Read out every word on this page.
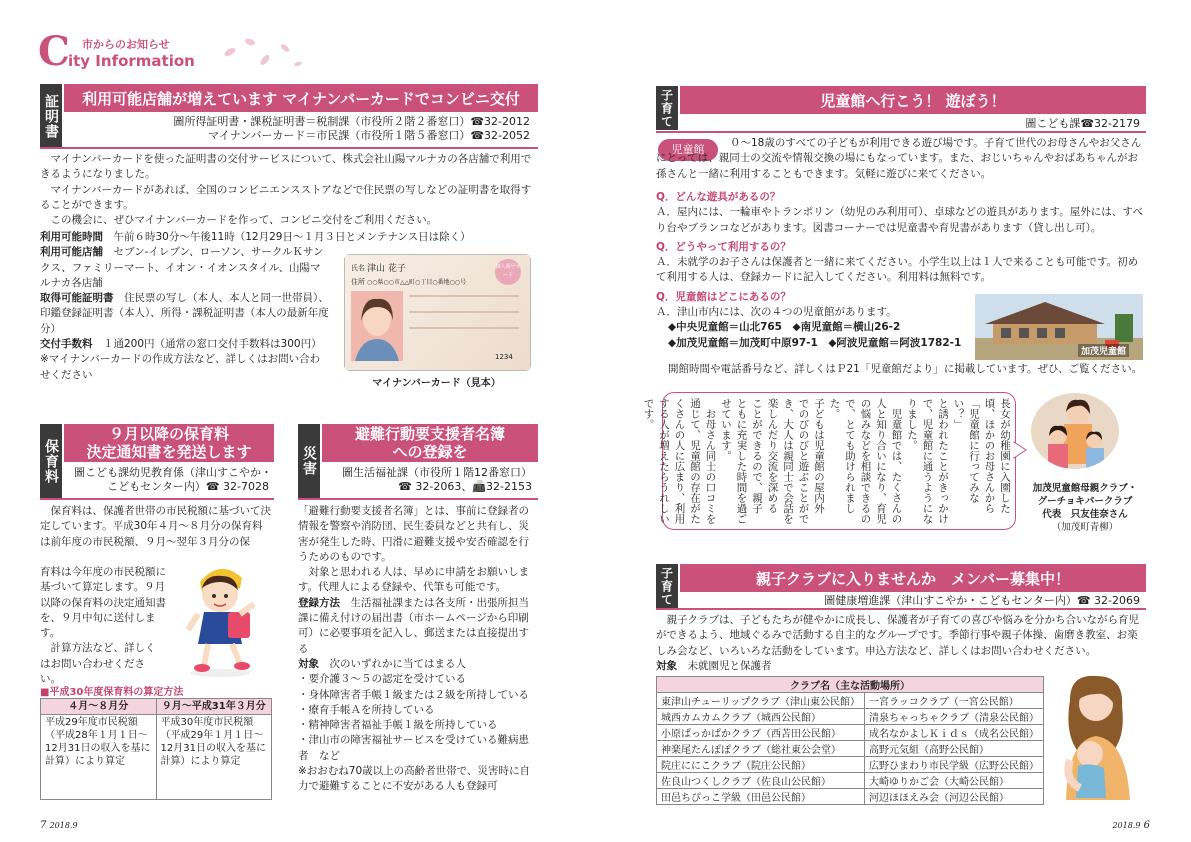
C
ity Information
市からのお知らせ
証明書	利用可能店舗が増えています マイナンバーカードでコンビニ交付
圖所得証明書・課税証明書＝税制課（市役所２階２番窓口）☎32-2012
マイナンバーカード＝市民課（市役所１階５番窓口）☎32-2052

　マイナンバーカードを使った証明書の交付サービスについて、株式会社山陽マルナカの各店舗で利用できるようになりました。

　マイナンバーカードがあれば、全国のコンビニエンスストアなどで住民票の写しなどの証明書を取得することができます。

　この機会に、ぜひマイナンバーカードを作って、コンビニ交付をご利用ください。

利用可能時間　 午前６時30分～午後11時（12月29日～１月３日とメンテナンス日は除く）

利用可能店舗　 セブン-イレブン、ローソン、サークルＫサンクス、ファミリーマート、イオン・イオンスタイル、山陽マルナカ各店舗

取得可能証明書　 住民票の写し（本人、本人と同一世帯員）、印鑑登録証明書（本人）、所得・課税証明書（本人の最新年度分）

交付手数料　 １通200円（通常の窓口交付手数料は300円）

※マイナンバーカードの作成方法など、詳しくはお問い合わせください

氏名 津山 花子
住所 ○○県○○市△△町○丁目○番地○○号
個人番号カード
1234
マイナンバーカード（見本）
保育料
９月以降の保育料
決定通知書を発送します
圖こども課幼児教育係（津山すこやか・
こどもセンター内）☎ 32-7028

　保育料は、保護者世帯の市民税額に基づいて決定しています。平成30年４月～８月分の保育料は前年度の市民税額、９月～翌年３月分の保

育料は今年度の市民税額に基づいて算定します。９月以降の保育料の決定通知書を、９月中旬に送付します。

　計算方法など、詳しくはお問い合わせください。

■平成30年度保育料の算定方法
４月～８月分	９月～平成31年３月分
平成29年度市民税額（平成28年１月１日～12月31日の収入を基に計算）により算定	平成30年度市民税額（平成29年１月１日～12月31日の収入を基に計算）により算定
災害
避難行動要支援者名簿
への登録を
圖生活福祉課（市役所１階12番窓口）
☎ 32-2063、📠32-2153

「避難行動要支援者名簿」とは、事前に登録者の情報を警察や消防団、民生委員などと共有し、災害が発生した時、円滑に避難支援や安否確認を行うためのものです。

　対象と思われる人は、早めに申請をお願いします。代理人による登録や、代筆も可能です。

登録方法　 生活福祉課または各支所・出張所担当課に備え付けの届出書（市ホームページから印刷可）に必要事項を記入し、郵送または直接提出する

対象　 次のいずれかに当てはまる人

・要介護３～５の認定を受けている

・身体障害者手帳１級または２級を所持している

・療育手帳Ａを所持している

・精神障害者福祉手帳１級を所持している

・津山市の障害福祉サービスを受けている難病患者　など

※おおむね70歳以上の高齢者世帯で、災害時に自力で避難することに不安がある人も登録可

子育て	児童館へ行こう！ 遊ぼう！
圖こども課☎32-2179
児童館	０～18歳のすべての子どもが利用できる遊び場です。子育て世代のお母さんやお父さんにとっては、親同士の交流や情報交換の場にもなっています。また、おじいちゃんやおばあちゃんがお孫さんと一緒に利用することもできます。気軽に遊びに来てください。

Q．どんな遊具があるの？

Ａ．屋内には、一輪車やトランポリン（幼児のみ利用可）、卓球などの遊具があります。屋外には、すべり台やブランコなどがあります。図書コーナーでは児童書や育児書があります（貸し出し可）。

Q．どうやって利用するの？

Ａ．未就学のお子さんは保護者と一緒に来てください。小学生以上は１人で来ることも可能です。初めて利用する人は、登録カードに記入してください。利用料は無料です。

Q．児童館はどこにあるの？

Ａ．津山市内には、次の４つの児童館があります。

◆中央児童館＝山北765　◆南児童館＝横山26-2

◆加茂児童館＝加茂町中原97-1　◆阿波児童館＝阿波1782-1

加茂児童館
開館時間や電話番号など、詳しくはＰ21「児童館だより」に掲載しています。ぜひ、ご覧ください。
長女が幼稚園に入園した
頃、ほかのお母さんから
「児童館に行ってみない？」
と誘われたことがきっかけ
で、児童館に通うようにな
りました。
　児童館では、たくさんの
人と知り合いになり、育児
の悩みなどを相談できるの
で、とても助けられました。
子どもは児童館の屋内外
でのびのびと遊ぶことがで
き、大人は親同士で会話を
楽しんだり交流を深める
ことができるので、親子
ともに充実した時間を過ご
せています。
　お母さん同士の口コミを
通じて、児童館の存在がた
くさんの人に広まり、利用
する人が増えたらうれしい
です。

加茂児童館母親クラブ・
グーチョキパークラブ
代表　只友佳奈さん
（加茂町青柳）
子育て	親子クラブに入りませんか　メンバー募集中！
圖健康増進課（津山すこやか・こどもセンター内）☎ 32-2069

　親子クラブは、子どもたちが健やかに成長し、保護者が子育ての喜びや悩みを分かち合いながら育児ができるよう、地域ぐるみで活動する自主的なグループです。季節行事や親子体操、歯磨き教室、お楽しみ会など、いろいろな活動をしています。申込方法など、詳しくはお問い合わせください。

対象　 未就園児と保護者

クラブ名（主な活動場所）	
東津山チューリップクラブ（津山東公民館）	一宮ラッコクラブ（一宮公民館）
城西カムカムクラブ（城西公民館）	清泉ちゃっちゃクラブ（清泉公民館）
小原ぱっかぱかクラブ（西苫田公民館）	成名なかよしＫｉｄｓ（成名公民館）
神楽尾たんぽぽクラブ（総社東公会堂）	高野元気組（高野公民館）
院庄ににこクラブ（院庄公民館）	広野ひまわり市民学級（広野公民館）
佐良山つくしクラブ（佐良山公民館）	大崎ゆりかご会（大崎公民館）
田邑ちぴっこ学級（田邑公民館）	河辺ほほえみ会（河辺公民館）
7 2018.9	2018.9 6
